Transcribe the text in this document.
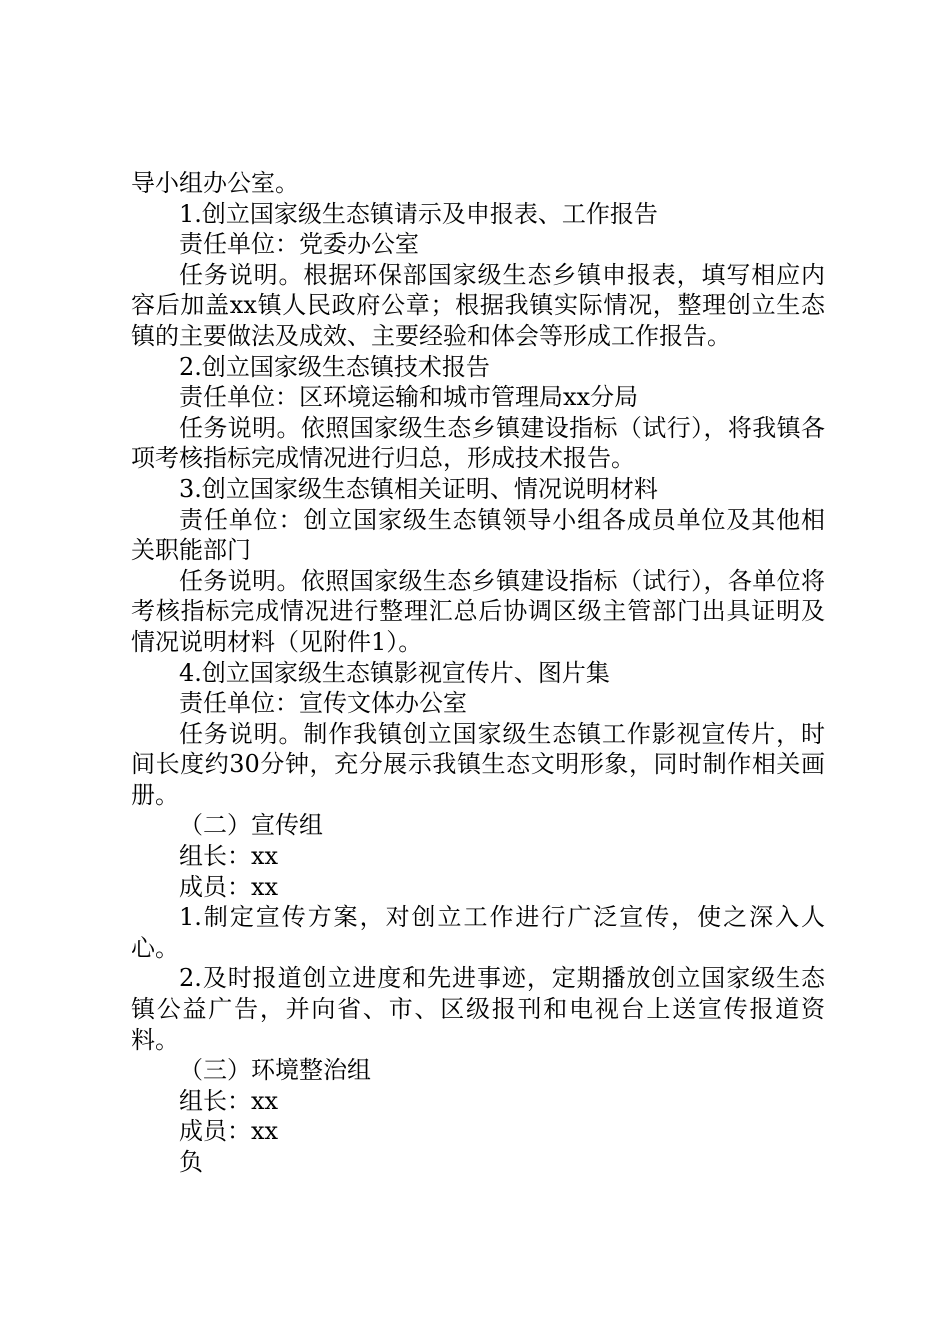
导小组办公室。

1.创立国家级生态镇请示及申报表、工作报告

责任单位：党委办公室

任务说明。根据环保部国家级生态乡镇申报表，填写相应内容后加盖xx镇人民政府公章；根据我镇实际情况，整理创立生态镇的主要做法及成效、主要经验和体会等形成工作报告。

2.创立国家级生态镇技术报告

责任单位：区环境运输和城市管理局xx分局

任务说明。依照国家级生态乡镇建设指标（试行），将我镇各项考核指标完成情况进行归总，形成技术报告。

3.创立国家级生态镇相关证明、情况说明材料

责任单位：创立国家级生态镇领导小组各成员单位及其他相关职能部门

任务说明。依照国家级生态乡镇建设指标（试行），各单位将考核指标完成情况进行整理汇总后协调区级主管部门出具证明及情况说明材料（见附件1）。

4.创立国家级生态镇影视宣传片、图片集

责任单位：宣传文体办公室

任务说明。制作我镇创立国家级生态镇工作影视宣传片，时间长度约30分钟，充分展示我镇生态文明形象，同时制作相关画册。

（二）宣传组

组长：xx

成员：xx

1.制定宣传方案，对创立工作进行广泛宣传，使之深入人心。

2.及时报道创立进度和先进事迹，定期播放创立国家级生态镇公益广告，并向省、市、区级报刊和电视台上送宣传报道资料。

（三）环境整治组

组长：xx

成员：xx

负
